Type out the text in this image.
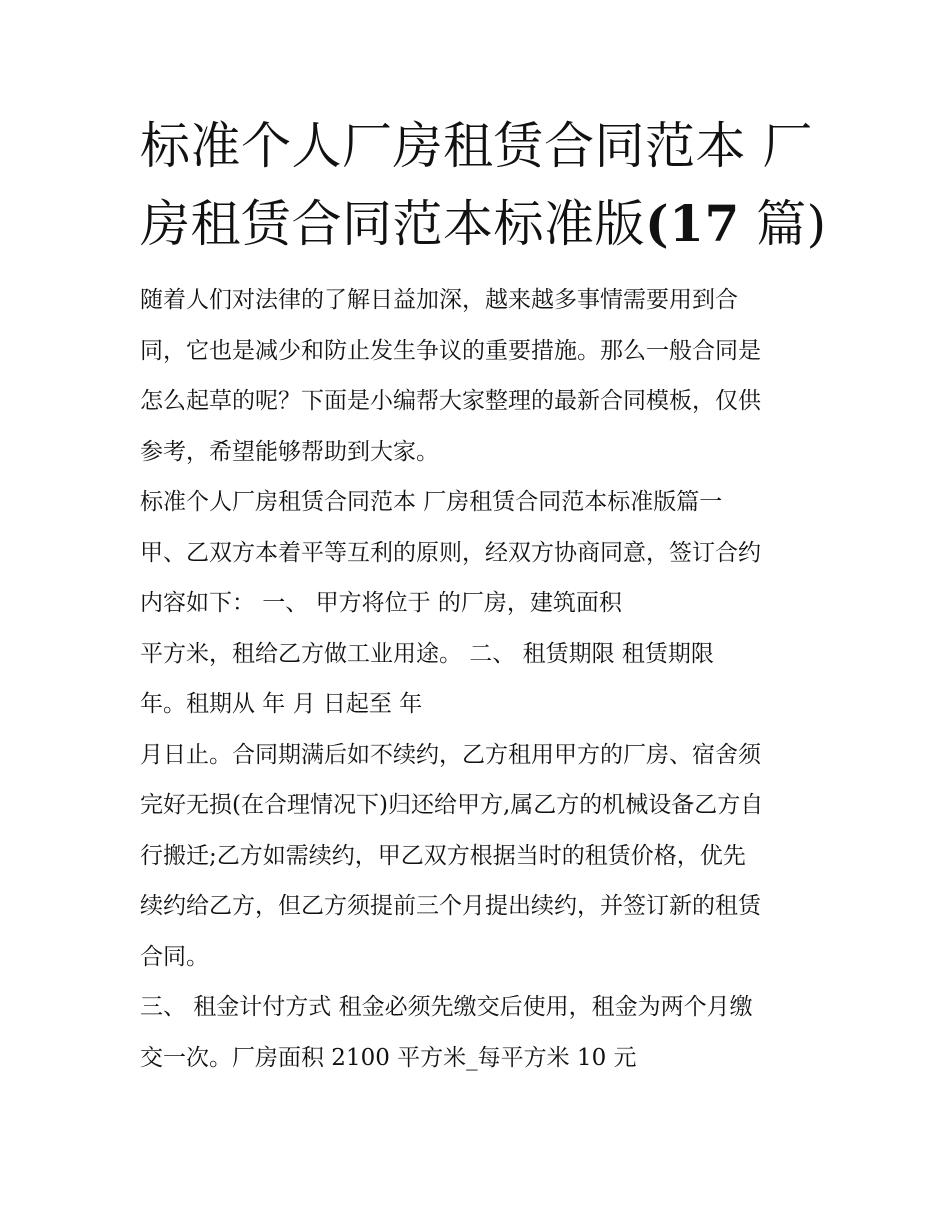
标准个人厂房租赁合同范本 厂
房租赁合同范本标准版(17 篇)

随着人们对法律的了解日益加深，越来越多事情需要用到合

同，它也是减少和防止发生争议的重要措施。那么一般合同是

怎么起草的呢？下面是小编帮大家整理的最新合同模板，仅供

参考，希望能够帮助到大家。

标准个人厂房租赁合同范本 厂房租赁合同范本标准版篇一

甲、乙双方本着平等互利的原则，经双方协商同意，签订合约

内容如下： 一、 甲方将位于 的厂房，建筑面积

平方米，租给乙方做工业用途。 二、 租赁期限 租赁期限

年。租期从 年 月 日起至 年

月日止。合同期满后如不续约，乙方租用甲方的厂房、宿舍须

完好无损(在合理情况下)归还给甲方,属乙方的机械设备乙方自

行搬迁;乙方如需续约，甲乙双方根据当时的租赁价格，优先

续约给乙方，但乙方须提前三个月提出续约，并签订新的租赁

合同。

三、 租金计付方式 租金必须先缴交后使用，租金为两个月缴

交一次。厂房面积 2100 平方米_每平方米 10 元
